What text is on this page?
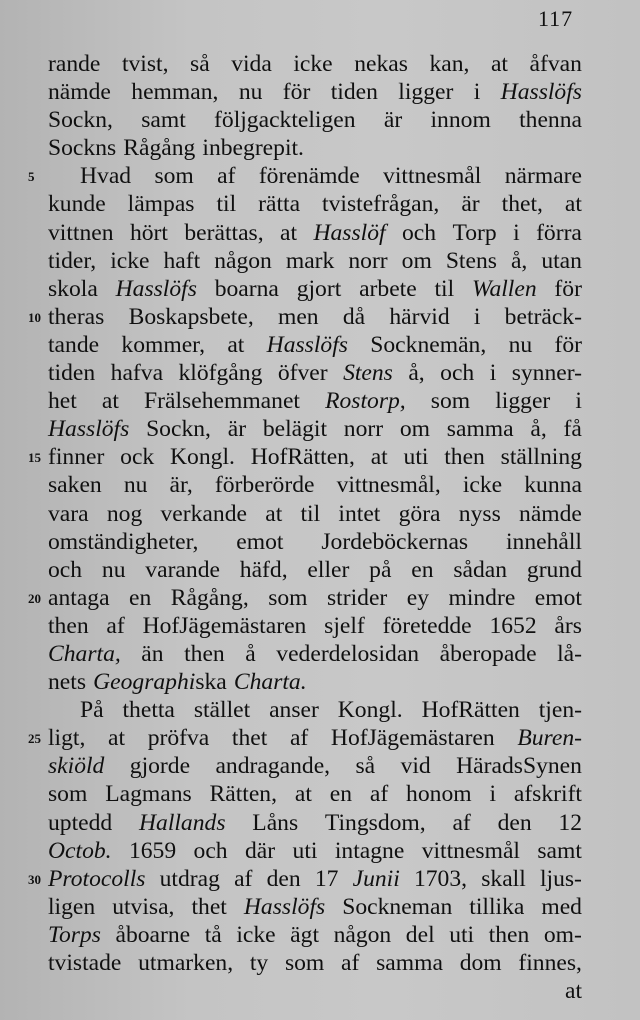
117
rande tvist, så vida icke nekas kan, at åfvan
nämde hemman, nu för tiden ligger i Hasslöfs
Sockn, samt följgackteligen är innom thenna
Sockns Rågång inbegrepit.
5 Hvad som af förenämde vittnesmål närmare
kunde lämpas til rätta tvistefrågan, är thet, at
vittnen hört berättas, at Hasslöf och Torp i förra
tider, icke haft någon mark norr om Stens å, utan
skola Hasslöfs boarna gjort arbete til Wallen för
10 theras Boskapsbete, men då härvid i beträck-
tande kommer, at Hasslöfs Socknemän, nu för
tiden hafva klöfgång öfver Stens å, och i synner-
het at Frälsehemmanet Rostorp, som ligger i
Hasslöfs Sockn, är belägit norr om samma å, få
15 finner ock Kongl. HofRätten, at uti then ställning
saken nu är, förberörde vittnesmål, icke kunna
vara nog verkande at til intet göra nyss nämde
omständigheter, emot Jordeböckernas innehåll
och nu varande häfd, eller på en sådan grund
20 antaga en Rågång, som strider ey mindre emot
then af HofJägemästaren sjelf företedde 1652 års
Charta, än then å vederdelosidan åberopade lå-
nets Geographiska Charta.
På thetta stället anser Kongl. HofRätten tjen-
25 ligt, at pröfva thet af HofJägemästaren Buren-
skiöld gjorde andragande, så vid HäradsSynen
som Lagmans Rätten, at en af honom i afskrift
uptedd Hallands Låns Tingsdom, af den 12
Octob. 1659 och där uti intagne vittnesmål samt
30 Protocolls utdrag af den 17 Junii 1703, skall ljus-
ligen utvisa, thet Hasslöfs Sockneman tillika med
Torps åboarne tå icke ägt någon del uti then om-
tvistade utmarken, ty som af samma dom finnes,
at
